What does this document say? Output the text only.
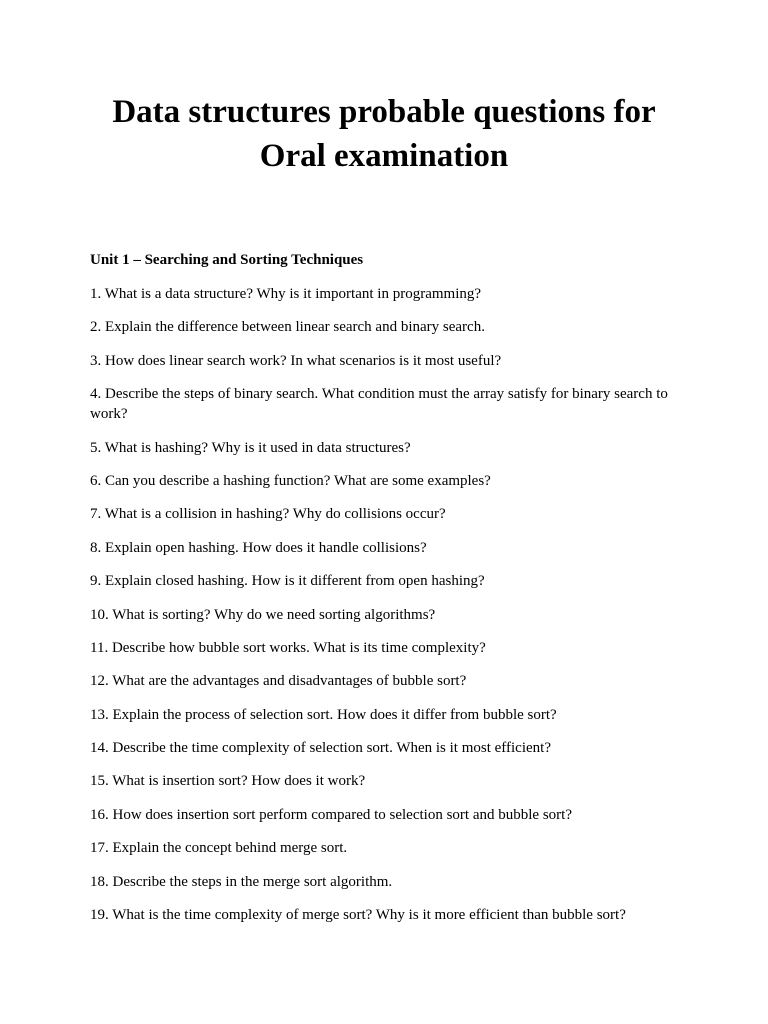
Data structures probable questions for
Oral examination

Unit 1 – Searching and Sorting Techniques

1. What is a data structure? Why is it important in programming?
2. Explain the difference between linear search and binary search.
3. How does linear search work? In what scenarios is it most useful?
4. Describe the steps of binary search. What condition must the array satisfy for binary search to work?
5. What is hashing? Why is it used in data structures?
6. Can you describe a hashing function? What are some examples?
7. What is a collision in hashing? Why do collisions occur?
8. Explain open hashing. How does it handle collisions?
9. Explain closed hashing. How is it different from open hashing?
10. What is sorting? Why do we need sorting algorithms?
11. Describe how bubble sort works. What is its time complexity?
12. What are the advantages and disadvantages of bubble sort?
13. Explain the process of selection sort. How does it differ from bubble sort?
14. Describe the time complexity of selection sort. When is it most efficient?
15. What is insertion sort? How does it work?
16. How does insertion sort perform compared to selection sort and bubble sort?
17. Explain the concept behind merge sort.
18. Describe the steps in the merge sort algorithm.
19. What is the time complexity of merge sort? Why is it more efficient than bubble sort?
